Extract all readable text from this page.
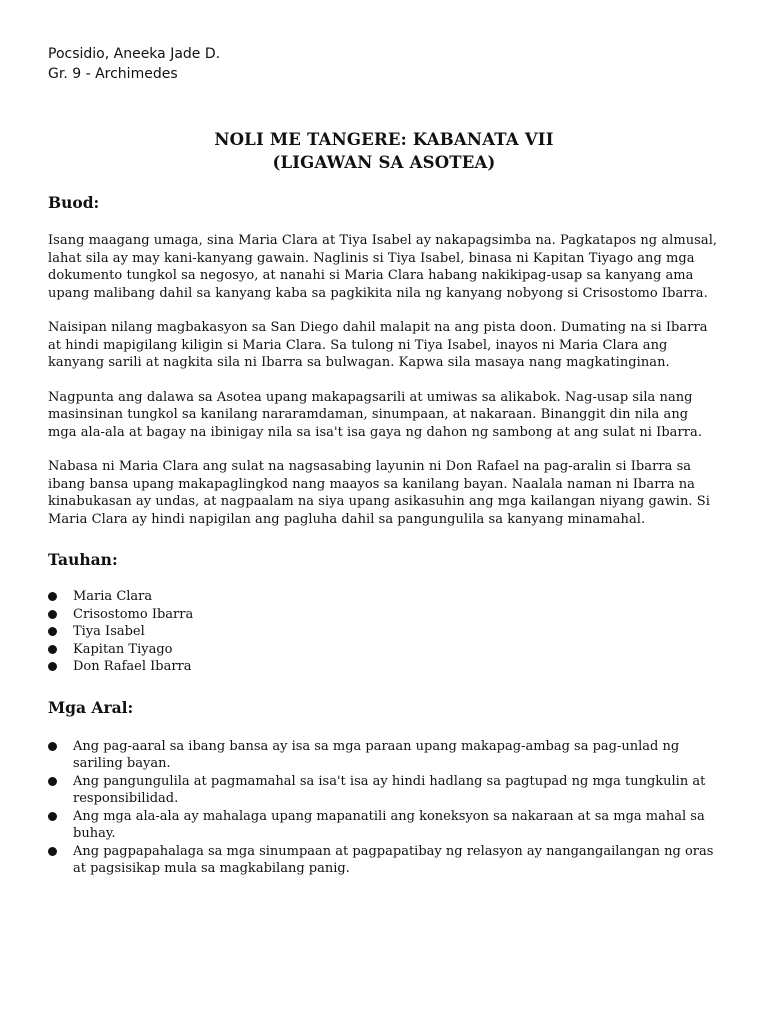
Pocsidio, Aneeka Jade D.

Gr. 9 - Archimedes

NOLI ME TANGERE: KABANATA VII
(LIGAWAN SA ASOTEA)
Buod:

Isang maagang umaga, sina Maria Clara at Tiya Isabel ay nakapagsimba na. Pagkatapos ng almusal, lahat sila ay may kani-kanyang gawain. Naglinis si Tiya Isabel, binasa ni Kapitan Tiyago ang mga dokumento tungkol sa negosyo, at nanahi si Maria Clara habang nakikipag-usap sa kanyang ama upang malibang dahil sa kanyang kaba sa pagkikita nila ng kanyang nobyong si Crisostomo Ibarra.

Naisipan nilang magbakasyon sa San Diego dahil malapit na ang pista doon. Dumating na si Ibarra at hindi mapigilang kiligin si Maria Clara. Sa tulong ni Tiya Isabel, inayos ni Maria Clara ang kanyang sarili at nagkita sila ni Ibarra sa bulwagan. Kapwa sila masaya nang magkatinginan.

Nagpunta ang dalawa sa Asotea upang makapagsarili at umiwas sa alikabok. Nag-usap sila nang masinsinan tungkol sa kanilang nararamdaman, sinumpaan, at nakaraan. Binanggit din nila ang mga ala-ala at bagay na ibinigay nila sa isa't isa gaya ng dahon ng sambong at ang sulat ni Ibarra.

Nabasa ni Maria Clara ang sulat na nagsasabing layunin ni Don Rafael na pag-aralin si Ibarra sa ibang bansa upang makapaglingkod nang maayos sa kanilang bayan. Naalala naman ni Ibarra na kinabukasan ay undas, at nagpaalam na siya upang asikasuhin ang mga kailangan niyang gawin. Si Maria Clara ay hindi napigilan ang pagluha dahil sa pangungulila sa kanyang minamahal.

Tauhan:
Maria Clara
Crisostomo Ibarra
Tiya Isabel
Kapitan Tiyago
Don Rafael Ibarra
Mga Aral:
Ang pag-aaral sa ibang bansa ay isa sa mga paraan upang makapag-ambag sa pag-unlad ng sariling bayan.
Ang pangungulila at pagmamahal sa isa't isa ay hindi hadlang sa pagtupad ng mga tungkulin at responsibilidad.
Ang mga ala-ala ay mahalaga upang mapanatili ang koneksyon sa nakaraan at sa mga mahal sa buhay.
Ang pagpapahalaga sa mga sinumpaan at pagpapatibay ng relasyon ay nangangailangan ng oras at pagsisikap mula sa magkabilang panig.
